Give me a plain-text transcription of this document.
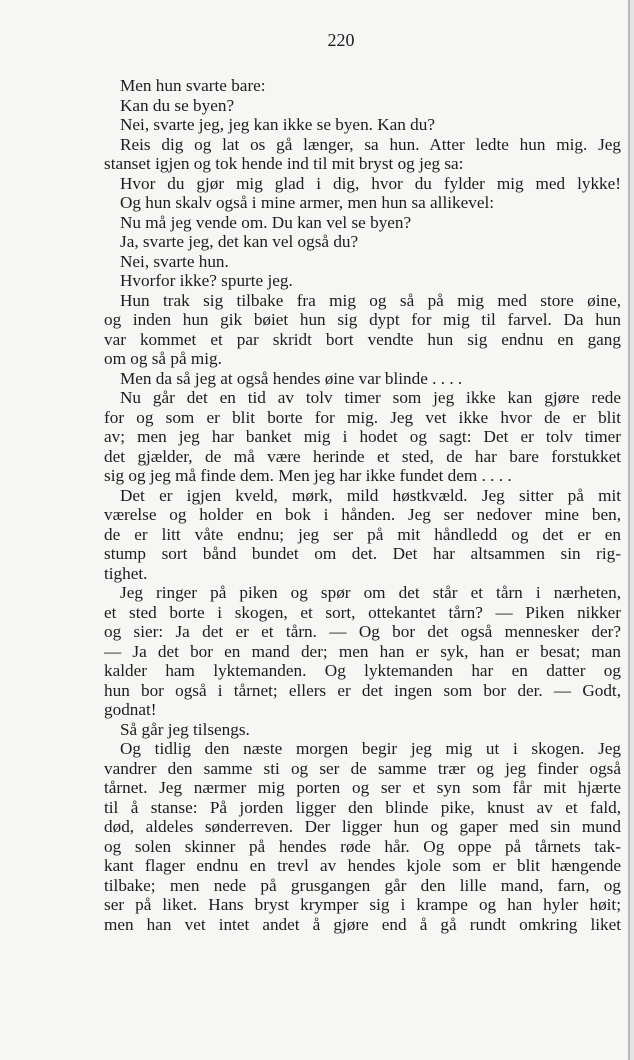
220
Men hun svarte bare:
Kan du se byen?
Nei, svarte jeg, jeg kan ikke se byen. Kan du?
Reis dig og lat os gå længer, sa hun. Atter ledte hun mig. Jeg
stanset igjen og tok hende ind til mit bryst og jeg sa:
Hvor du gjør mig glad i dig, hvor du fylder mig med lykke!
Og hun skalv også i mine armer, men hun sa allikevel:
Nu må jeg vende om. Du kan vel se byen?
Ja, svarte jeg, det kan vel også du?
Nei, svarte hun.
Hvorfor ikke? spurte jeg.
Hun trak sig tilbake fra mig og så på mig med store øine,
og inden hun gik bøiet hun sig dypt for mig til farvel. Da hun
var kommet et par skridt bort vendte hun sig endnu en gang
om og så på mig.
Men da så jeg at også hendes øine var blinde . . . .
Nu går det en tid av tolv timer som jeg ikke kan gjøre rede
for og som er blit borte for mig. Jeg vet ikke hvor de er blit
av; men jeg har banket mig i hodet og sagt: Det er tolv timer
det gjælder, de må være herinde et sted, de har bare forstukket
sig og jeg må finde dem. Men jeg har ikke fundet dem . . . .
Det er igjen kveld, mørk, mild høstkvæld. Jeg sitter på mit
værelse og holder en bok i hånden. Jeg ser nedover mine ben,
de er litt våte endnu; jeg ser på mit håndledd og det er en
stump sort bånd bundet om det. Det har altsammen sin rig-
tighet.
Jeg ringer på piken og spør om det står et tårn i nærheten,
et sted borte i skogen, et sort, ottekantet tårn? — Piken nikker
og sier: Ja det er et tårn. — Og bor det også mennesker der?
— Ja det bor en mand der; men han er syk, han er besat; man
kalder ham lyktemanden. Og lyktemanden har en datter og
hun bor også i tårnet; ellers er det ingen som bor der. — Godt,
godnat!
Så går jeg tilsengs.
Og tidlig den næste morgen begir jeg mig ut i skogen. Jeg
vandrer den samme sti og ser de samme trær og jeg finder også
tårnet. Jeg nærmer mig porten og ser et syn som får mit hjærte
til å stanse: På jorden ligger den blinde pike, knust av et fald,
død, aldeles sønderreven. Der ligger hun og gaper med sin mund
og solen skinner på hendes røde hår. Og oppe på tårnets tak-
kant flager endnu en trevl av hendes kjole som er blit hængende
tilbake; men nede på grusgangen går den lille mand, farn, og
ser på liket. Hans bryst krymper sig i krampe og han hyler høit;
men han vet intet andet å gjøre end å gå rundt omkring liket
